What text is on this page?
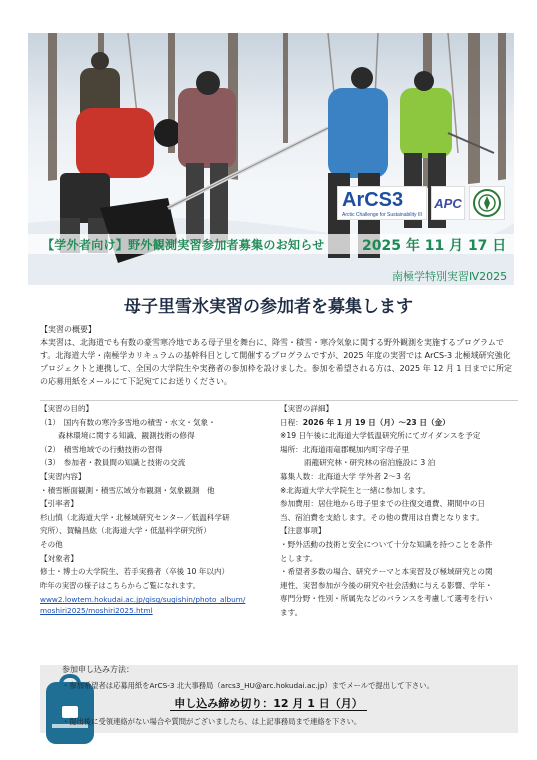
ArCS3
Arctic Challenge for Sustainability III
APC
【学外者向け】野外観測実習参加者募集のお知らせ	2025 年 11 月 17 日
南極学特別実習Ⅳ2025
母子里雪氷実習の参加者を募集します
【実習の概要】
本実習は、北海道でも有数の豪雪寒冷地である母子里を舞台に、降雪・積雪・寒冷気象に関する野外観測を実施するプログラムです。北海道大学・南極学カリキュラムの基幹科目として開催するプログラムですが、2025 年度の実習では ArCS-3 北極域研究強化プロジェクトと連携して、全国の大学院生や実務者の参加枠を設けました。参加を希望される方は、2025 年 12 月 1 日までに所定の応募用紙をメールにて下記宛てにお送りください。

【実習の目的】

（1）　国内有数の寒冷多雪地の積雪・水文・気象・

森林環境に関する知識、観測技術の修得

（2）　積雪地域での行動技術の習得

（3）　参加者・教員間の知識と技術の交流

【実習内容】

・積雪断面観測・積雪広域分布観測・気象観測　他

【引率者】

杉山慎（北海道大学・北極域研究センター／低温科学研

究所）、賀輪昌紘（北海道大学・低温科学研究所）

その他

【対象者】

修士・博士の大学院生、若手実務者（卒後 10 年以内）

昨年の実習の様子はこちらからご覧になれます。

www2.lowtem.hokudai.ac.jp/gisg/sugishin/photo_album/

moshiri2025/moshiri2025.html

【実習の詳細】

日程：2026 年 1 月 19 日（月）〜23 日（金）

※19 日午後に北海道大学低温研究所にてガイダンスを予定

場所：北海道雨竜郡幌加内町字母子里

雨龍研究林・研究林の宿泊施設に 3 泊

募集人数：北海道大学 学外者 2〜3 名

※北海道大学大学院生と一緒に参加します。

参加費用：居住地から母子里までの往復交通費、期間中の日

当、宿泊費を支給します。その他の費用は自費となります。

【注意事項】

・野外活動の技術と安全について十分な知識を持つことを条件

とします。

・希望者多数の場合、研究テーマと本実習及び極域研究との関

連性、実習参加が今後の研究や社会活動に与える影響、学年・

専門分野・性別・所属先などのバランスを考慮して選考を行い

ます。

参加申し込み方法：
・参加希望者は応募用紙をArCS-3 北大事務局（arcs3_HU@arc.hokudai.ac.jp）までメールで提出して下さい。
申し込み締め切り：12 月 1 日（月）
・提出後に受領連絡がない場合や質問がございましたら、は上記事務局まで連絡を下さい。
